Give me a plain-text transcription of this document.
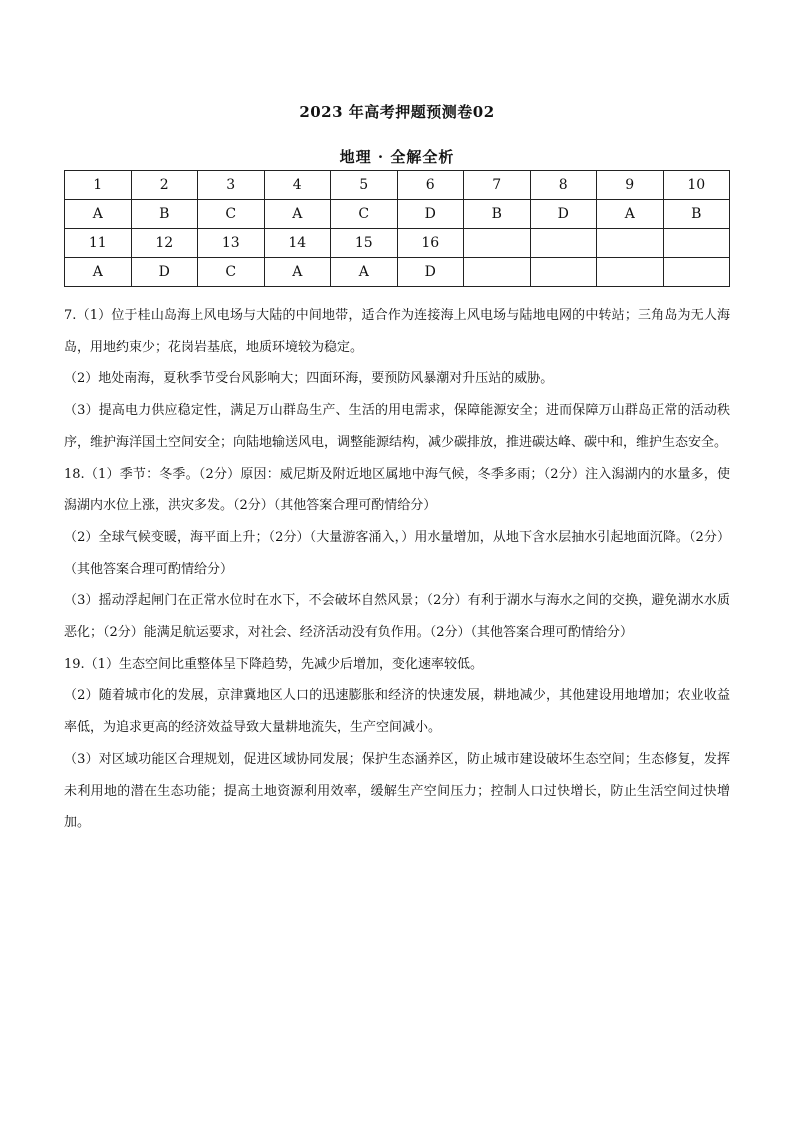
2023 年高考押题预测卷02
地理 · 全解全析
1	2	3	4	5	6	7	8	9	10
A	B	C	A	C	D	B	D	A	B
11	12	13	14	15	16				
A	D	C	A	A	D				

7.（1）位于桂山岛海上风电场与大陆的中间地带，适合作为连接海上风电场与陆地电网的中转站；三角岛为无人海岛，用地约束少；花岗岩基底，地质环境较为稳定。

（2）地处南海，夏秋季节受台风影响大；四面环海，要预防风暴潮对升压站的威胁。

（3）提高电力供应稳定性，满足万山群岛生产、生活的用电需求，保障能源安全；进而保障万山群岛正常的活动秩序，维护海洋国土空间安全；向陆地输送风电，调整能源结构，减少碳排放，推进碳达峰、碳中和，维护生态安全。

18.（1）季节：冬季。（2分）原因：威尼斯及附近地区属地中海气候，冬季多雨；（2分）注入潟湖内的水量多，使潟湖内水位上涨，洪灾多发。（2分）（其他答案合理可酌情给分）

（2）全球气候变暖，海平面上升；（2分）（大量游客涌入，）用水量增加，从地下含水层抽水引起地面沉降。（2分）（其他答案合理可酌情给分）

（3）摇动浮起闸门在正常水位时在水下，不会破坏自然风景；（2分）有利于湖水与海水之间的交换，避免湖水水质恶化；（2分）能满足航运要求，对社会、经济活动没有负作用。（2分）（其他答案合理可酌情给分）

19.（1）生态空间比重整体呈下降趋势，先减少后增加，变化速率较低。

（2）随着城市化的发展，京津冀地区人口的迅速膨胀和经济的快速发展，耕地减少，其他建设用地增加；农业收益率低，为追求更高的经济效益导致大量耕地流失，生产空间减小。

（3）对区域功能区合理规划，促进区域协同发展；保护生态涵养区，防止城市建设破坏生态空间；生态修复，发挥未利用地的潜在生态功能；提高土地资源利用效率，缓解生产空间压力；控制人口过快增长，防止生活空间过快增加。
